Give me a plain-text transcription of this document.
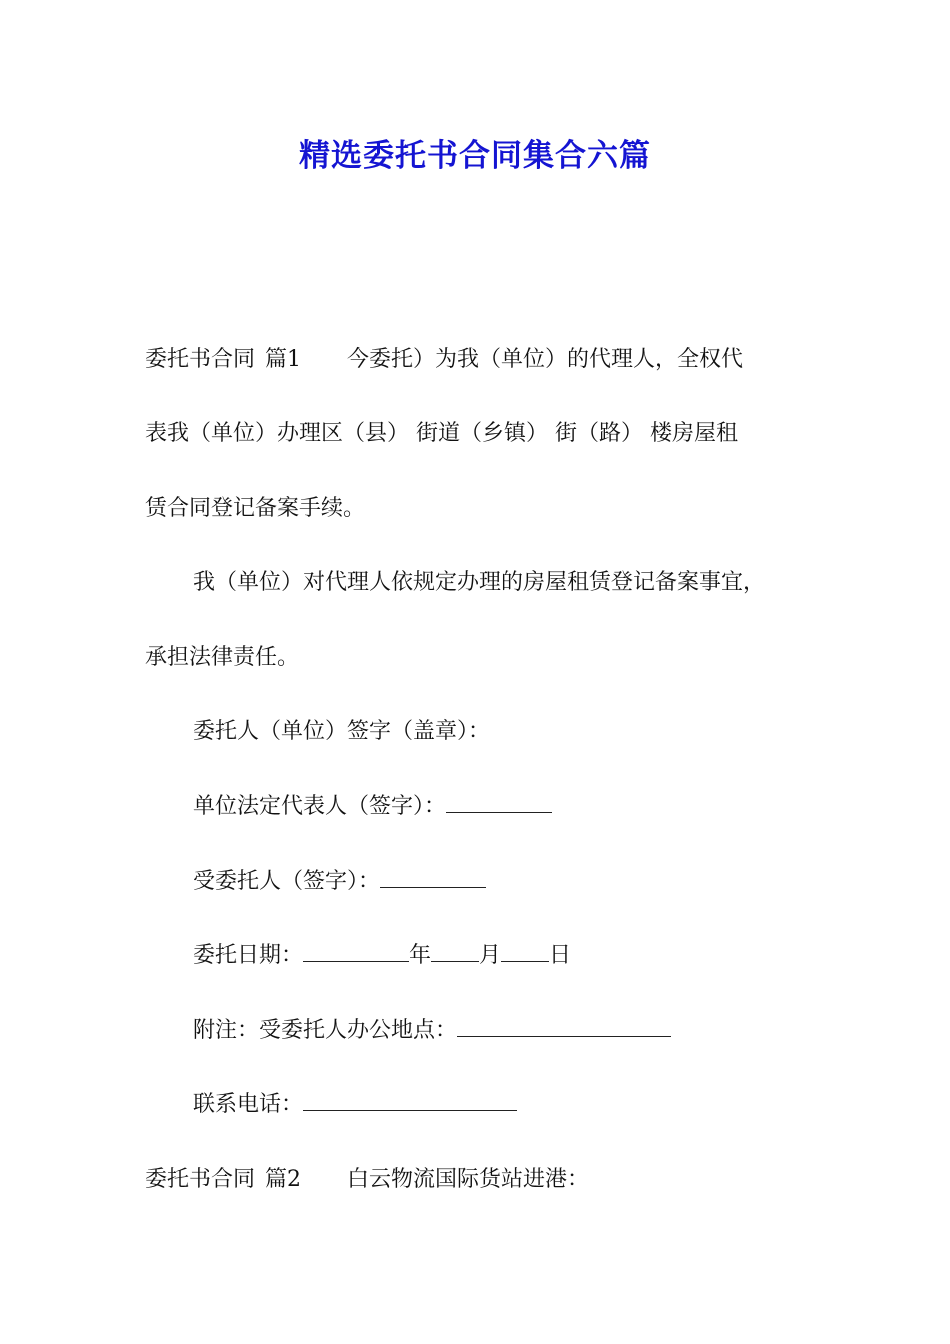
精选委托书合同集合六篇

委托书合同 篇1 今委托）为我（单位）的代理人，全权代

表我（单位）办理区（县） 街道（乡镇） 街（路） 楼房屋租

赁合同登记备案手续。

我（单位）对代理人依规定办理的房屋租赁登记备案事宜，

承担法律责任。

委托人（单位）签字（盖章）：

单位法定代表人（签字）：

受委托人（签字）：

委托日期：	年 月 日

附注：受委托人办公地点：

联系电话：

委托书合同 篇2 白云物流国际货站进港：
